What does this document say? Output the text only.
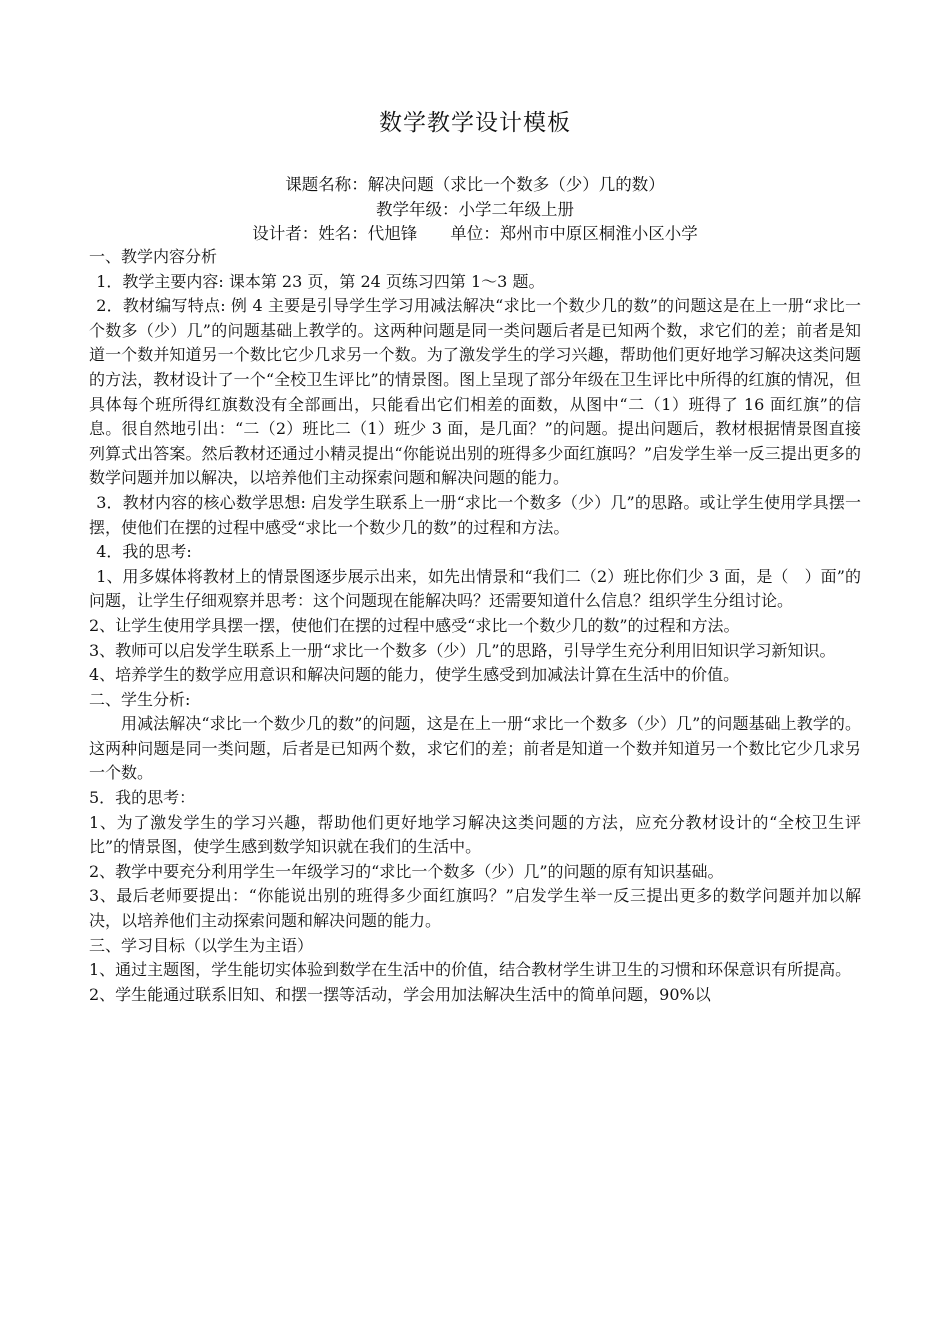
数学教学设计模板
课题名称：解决问题（求比一个数多（少）几的数）
教学年级：小学二年级上册
设计者：姓名：代旭锋　　单位：郑州市中原区桐淮小区小学

一、教学内容分析

1．教学主要内容: 课本第 23 页，第 24 页练习四第 1～3 题。

2．教材编写特点: 例 4 主要是引导学生学习用减法解决“求比一个数少几的数”的问题这是在上一册“求比一个数多（少）几”的问题基础上教学的。这两种问题是同一类问题后者是已知两个数，求它们的差；前者是知道一个数并知道另一个数比它少几求另一个数。为了激发学生的学习兴趣，帮助他们更好地学习解决这类问题的方法，教材设计了一个“全校卫生评比”的情景图。图上呈现了部分年级在卫生评比中所得的红旗的情况，但具体每个班所得红旗数没有全部画出，只能看出它们相差的面数，从图中“二（1）班得了 16 面红旗”的信息。很自然地引出：“二（2）班比二（1）班少 3 面，是几面？”的问题。提出问题后，教材根据情景图直接列算式出答案。然后教材还通过小精灵提出“你能说出别的班得多少面红旗吗？”启发学生举一反三提出更多的数学问题并加以解决，以培养他们主动探索问题和解决问题的能力。

3．教材内容的核心数学思想: 启发学生联系上一册“求比一个数多（少）几”的思路。或让学生使用学具摆一摆，使他们在摆的过程中感受“求比一个数少几的数”的过程和方法。

4．我的思考:

1、用多媒体将教材上的情景图逐步展示出来，如先出情景和“我们二（2）班比你们少 3 面，是（　）面”的问题，让学生仔细观察并思考：这个问题现在能解决吗？还需要知道什么信息？组织学生分组讨论。

2、让学生使用学具摆一摆，使他们在摆的过程中感受“求比一个数少几的数”的过程和方法。

3、教师可以启发学生联系上一册“求比一个数多（少）几”的思路，引导学生充分利用旧知识学习新知识。

4、培养学生的数学应用意识和解决问题的能力，使学生感受到加减法计算在生活中的价值。

二、学生分析:

用减法解决“求比一个数少几的数”的问题，这是在上一册“求比一个数多（少）几”的问题基础上教学的。这两种问题是同一类问题，后者是已知两个数，求它们的差；前者是知道一个数并知道另一个数比它少几求另一个数。

5．我的思考：

1、为了激发学生的学习兴趣，帮助他们更好地学习解决这类问题的方法，应充分教材设计的“全校卫生评比”的情景图，使学生感到数学知识就在我们的生活中。

2、教学中要充分利用学生一年级学习的“求比一个数多（少）几”的问题的原有知识基础。

3、最后老师要提出：“你能说出别的班得多少面红旗吗？”启发学生举一反三提出更多的数学问题并加以解决，以培养他们主动探索问题和解决问题的能力。

三、学习目标（以学生为主语）

1、通过主题图，学生能切实体验到数学在生活中的价值，结合教材学生讲卫生的习惯和环保意识有所提高。

2、学生能通过联系旧知、和摆一摆等活动，学会用加法解决生活中的简单问题，90%以
